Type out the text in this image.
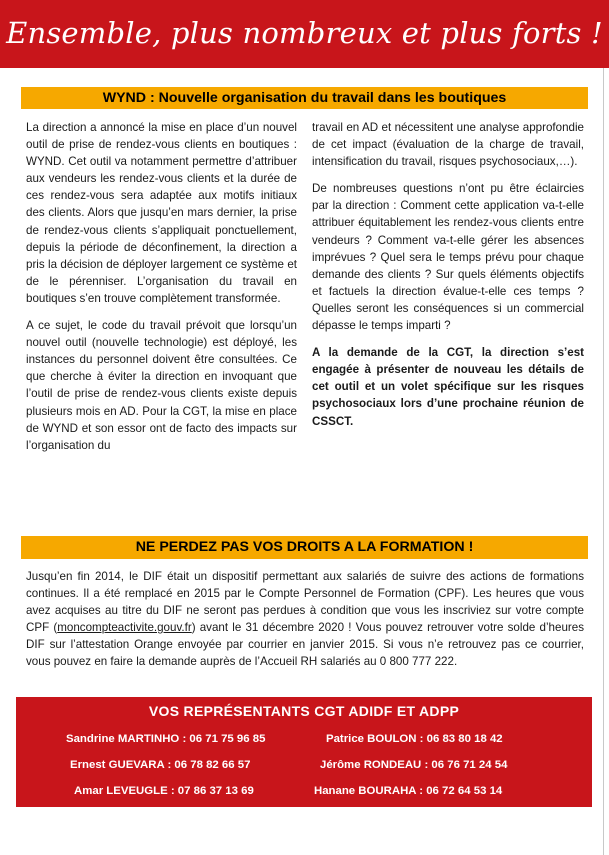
Ensemble, plus nombreux et plus forts !
WYND : Nouvelle organisation du travail dans les boutiques

La direction a annoncé la mise en place d’un nouvel outil de prise de rendez-vous clients en boutiques : WYND. Cet outil va notamment permettre d’attribuer aux vendeurs les rendez-vous clients et la durée de ces rendez-vous sera adaptée aux motifs initiaux des clients. Alors que jusqu’en mars dernier, la prise de rendez-vous clients s’appliquait ponctuellement, depuis la période de déconfinement, la direction a pris la décision de déployer largement ce système et de le pérenniser. L’organisation du travail en boutiques s’en trouve complètement transformée.

A ce sujet, le code du travail prévoit que lorsqu’un nouvel outil (nouvelle technologie) est déployé, les instances du personnel doivent être consultées. Ce que cherche à éviter la direction en invoquant que l’outil de prise de rendez-vous clients existe depuis plusieurs mois en AD. Pour la CGT, la mise en place de WYND et son essor ont de facto des impacts sur l’organisation du

travail en AD et nécessitent une analyse approfondie de cet impact (évaluation de la charge de travail, intensification du travail, risques psychosociaux,…).

De nombreuses questions n’ont pu être éclaircies par la direction : Comment cette application va-t-elle attribuer équitablement les rendez-vous clients entre vendeurs ? Comment va-t-elle gérer les absences imprévues ? Quel sera le temps prévu pour chaque demande des clients ? Sur quels éléments objectifs et factuels la direction évalue-t-elle ces temps ? Quelles seront les conséquences si un commercial dépasse le temps imparti ?

A la demande de la CGT, la direction s’est engagée à présenter de nouveau les détails de cet outil et un volet spécifique sur les risques psychosociaux lors d’une prochaine réunion de CSSCT.

NE PERDEZ PAS VOS DROITS A LA FORMATION !
Jusqu’en fin 2014, le DIF était un dispositif permettant aux salariés de suivre des actions de formations continues. Il a été remplacé en 2015 par le Compte Personnel de Formation (CPF). Les heures que vous avez acquises au titre du DIF ne seront pas perdues à condition que vous les inscriviez sur votre compte CPF (moncompteactivite.gouv.fr) avant le 31 décembre 2020 ! Vous pouvez retrouver votre solde d’heures DIF sur l’attestation Orange envoyée par courrier en janvier 2015. Si vous n’e retrouvez pas ce courrier, vous pouvez en faire la demande auprès de l’Accueil RH salariés au 0 800 777 222.
VOS REPRÉSENTANTS CGT ADIDF ET ADPP
Sandrine MARTINHO : 06 71 75 96 85	Patrice BOULON : 06 83 80 18 42
Ernest GUEVARA : 06 78 82 66 57	Jérôme RONDEAU : 06 76 71 24 54
Amar LEVEUGLE : 07 86 37 13 69	Hanane BOURAHA : 06 72 64 53 14
